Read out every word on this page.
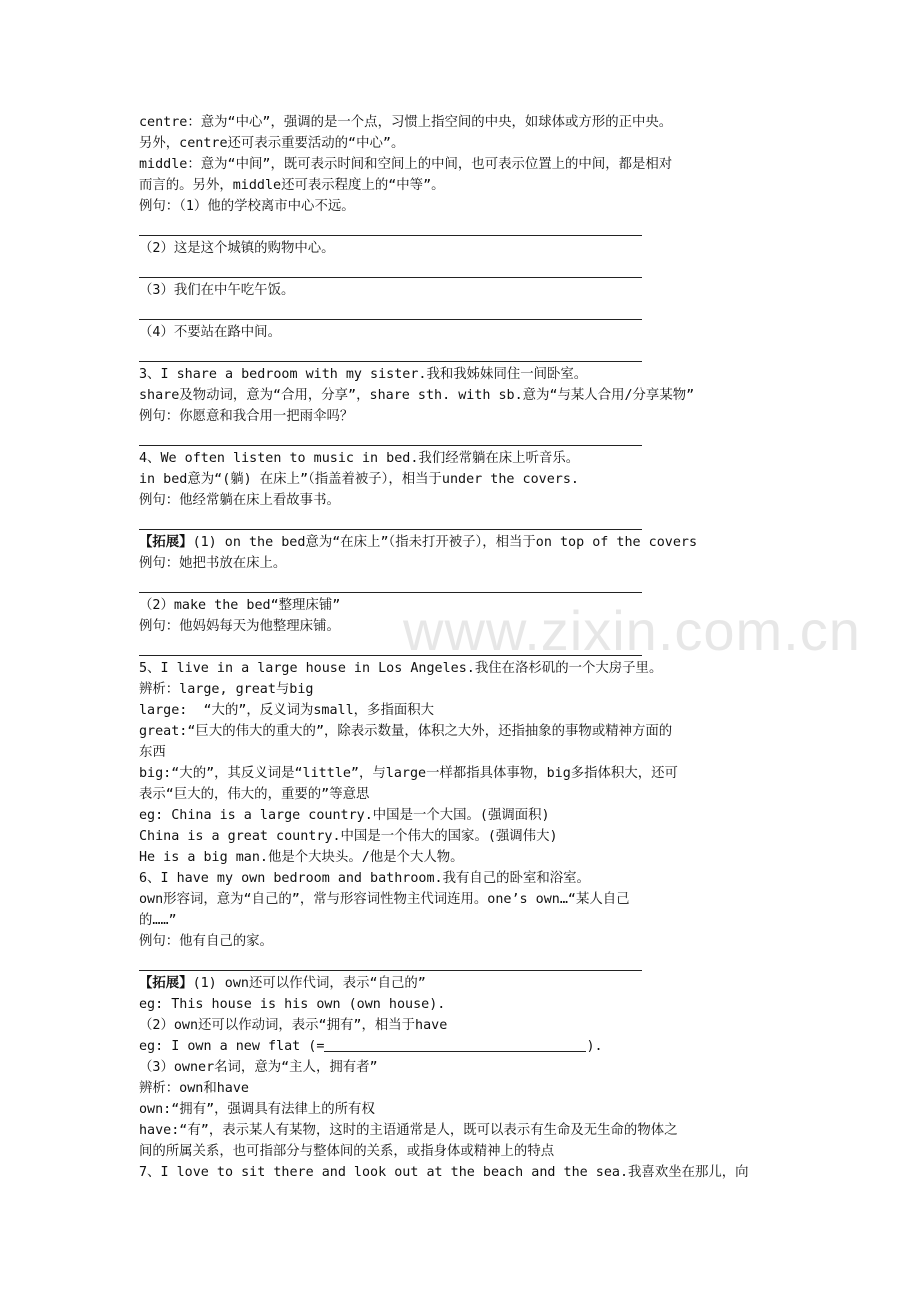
www.zixin.com.cn
centre：意为“中心”，强调的是一个点，习惯上指空间的中央，如球体或方形的正中央。
另外，centre还可表示重要活动的“中心”。
middle：意为“中间”，既可表示时间和空间上的中间，也可表示位置上的中间，都是相对
而言的。另外，middle还可表示程度上的“中等”。
例句：（1）他的学校离市中心不远。
（2）这是这个城镇的购物中心。
（3）我们在中午吃午饭。
（4）不要站在路中间。
3、I share a bedroom with my sister.我和我姊妹同住一间卧室。
share及物动词，意为“合用，分享”，share sth. with sb.意为“与某人合用/分享某物”
例句：你愿意和我合用一把雨伞吗？
4、We often listen to music in bed.我们经常躺在床上听音乐。
in bed意为“(躺) 在床上”（指盖着被子），相当于under the covers.
例句：他经常躺在床上看故事书。
【拓展】(1) on the bed意为“在床上”（指未打开被子），相当于on top of the covers
例句：她把书放在床上。
（2）make the bed“整理床铺”
例句：他妈妈每天为他整理床铺。
5、I live in a large house in Los Angeles.我住在洛杉矶的一个大房子里。
辨析：large, great与big
large:  “大的”，反义词为small，多指面积大
great:“巨大的伟大的重大的”，除表示数量，体积之大外，还指抽象的事物或精神方面的
东西
big:“大的”，其反义词是“little”，与large一样都指具体事物，big多指体积大，还可
表示“巨大的，伟大的，重要的”等意思
eg: China is a large country.中国是一个大国。(强调面积)
China is a great country.中国是一个伟大的国家。(强调伟大)
He is a big man.他是个大块头。/他是个大人物。
6、I have my own bedroom and bathroom.我有自己的卧室和浴室。
own形容词，意为“自己的”，常与形容词性物主代词连用。one’s own…“某人自己
的……”
例句：他有自己的家。
【拓展】(1) own还可以作代词，表示“自己的”
eg: This house is his own (own house).
（2）own还可以作动词，表示“拥有”，相当于have
eg: I own a new flat (=	).
（3）owner名词，意为“主人，拥有者”
辨析：own和have
own:“拥有”，强调具有法律上的所有权
have:“有”，表示某人有某物，这时的主语通常是人，既可以表示有生命及无生命的物体之
间的所属关系，也可指部分与整体间的关系，或指身体或精神上的特点
7、I love to sit there and look out at the beach and the sea.我喜欢坐在那儿，向
